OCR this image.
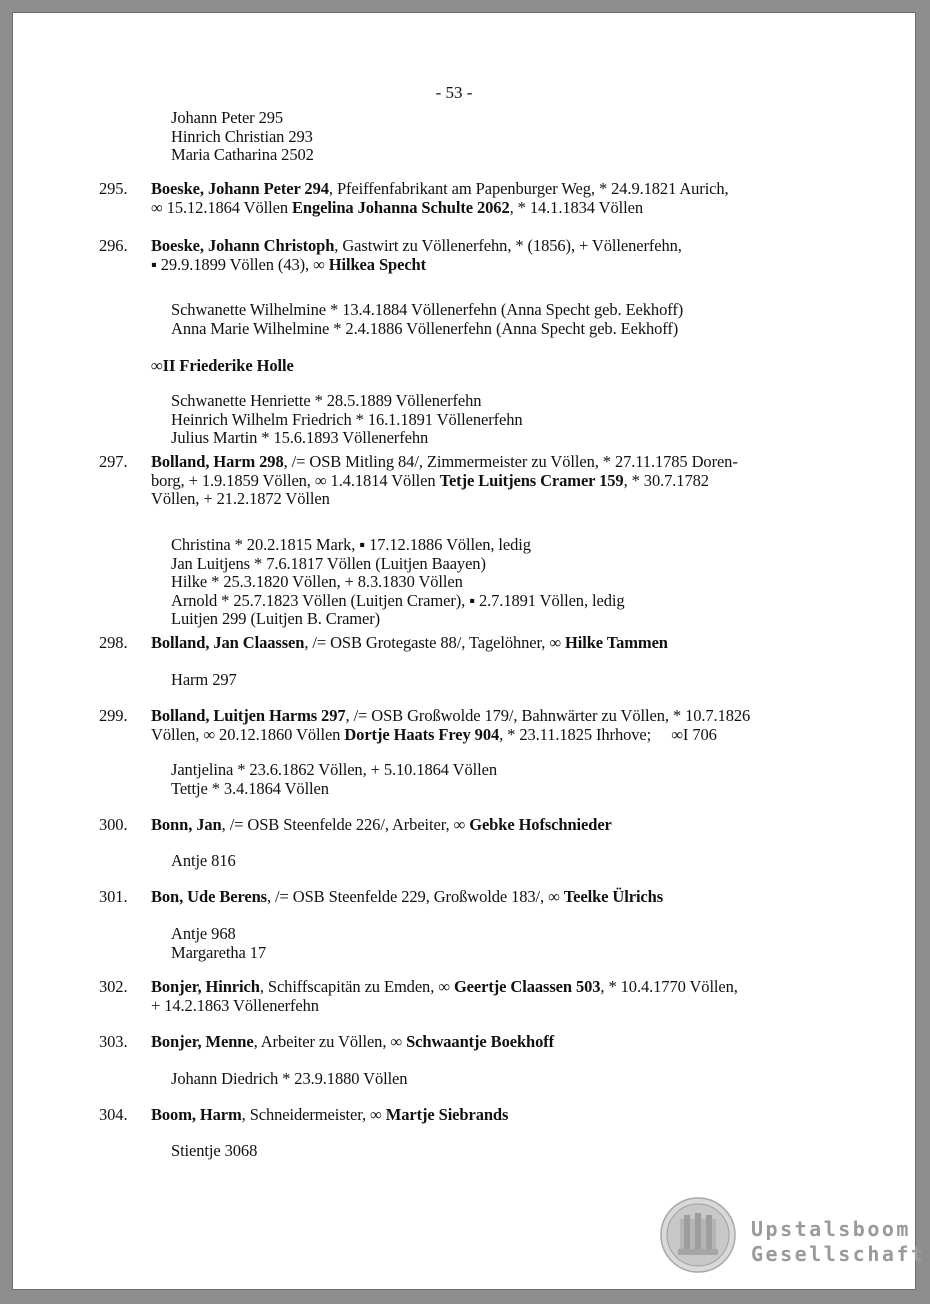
- 53 -
Johann Peter 295
Hinrich Christian 293
Maria Catharina 2502
295. Boeske, Johann Peter 294, Pfeiffenfabrikant am Papenburger Weg, * 24.9.1821 Aurich,
∞ 15.12.1864 Völlen Engelina Johanna Schulte 2062, * 14.1.1834 Völlen
296. Boeske, Johann Christoph, Gastwirt zu Völlenerfehn, * (1856), + Völlenerfehn,
▪ 29.9.1899 Völlen (43), ∞ Hilkea Specht
Schwanette Wilhelmine * 13.4.1884 Völlenerfehn (Anna Specht geb. Eekhoff)
Anna Marie Wilhelmine * 2.4.1886 Völlenerfehn (Anna Specht geb. Eekhoff)
∞II Friederike Holle
Schwanette Henriette * 28.5.1889 Völlenerfehn
Heinrich Wilhelm Friedrich * 16.1.1891 Völlenerfehn
Julius Martin * 15.6.1893 Völlenerfehn
297. Bolland, Harm 298, /= OSB Mitling 84/, Zimmermeister zu Völlen, * 27.11.1785 Doren-
borg, + 1.9.1859 Völlen, ∞ 1.4.1814 Völlen Tetje Luitjens Cramer 159, * 30.7.1782
Völlen, + 21.2.1872 Völlen
Christina * 20.2.1815 Mark, ▪ 17.12.1886 Völlen, ledig
Jan Luitjens * 7.6.1817 Völlen (Luitjen Baayen)
Hilke * 25.3.1820 Völlen, + 8.3.1830 Völlen
Arnold * 25.7.1823 Völlen (Luitjen Cramer), ▪ 2.7.1891 Völlen, ledig
Luitjen 299 (Luitjen B. Cramer)
298. Bolland, Jan Claassen, /= OSB Grotegaste 88/, Tagelöhner, ∞ Hilke Tammen
Harm 297
299. Bolland, Luitjen Harms 297, /= OSB Großwolde 179/, Bahnwärter zu Völlen, * 10.7.1826
Völlen, ∞ 20.12.1860 Völlen Dortje Haats Frey 904, * 23.11.1825 Ihrhove;     ∞I 706
Jantjelina * 23.6.1862 Völlen, + 5.10.1864 Völlen
Tettje * 3.4.1864 Völlen
300. Bonn, Jan, /= OSB Steenfelde 226/, Arbeiter, ∞ Gebke Hofschnieder
Antje 816
301. Bon, Ude Berens, /= OSB Steenfelde 229, Großwolde 183/, ∞ Teelke Ülrichs
Antje 968
Margaretha 17
302. Bonjer, Hinrich, Schiffscapitän zu Emden, ∞ Geertje Claassen 503, * 10.4.1770 Völlen,
+ 14.2.1863 Völlenerfehn
303. Bonjer, Menne, Arbeiter zu Völlen, ∞ Schwaantje Boekhoff
Johann Diedrich * 23.9.1880 Völlen
304. Boom, Harm, Schneidermeister, ∞ Martje Siebrands
Stientje 3068
Upstalsboom
Gesellschaft
